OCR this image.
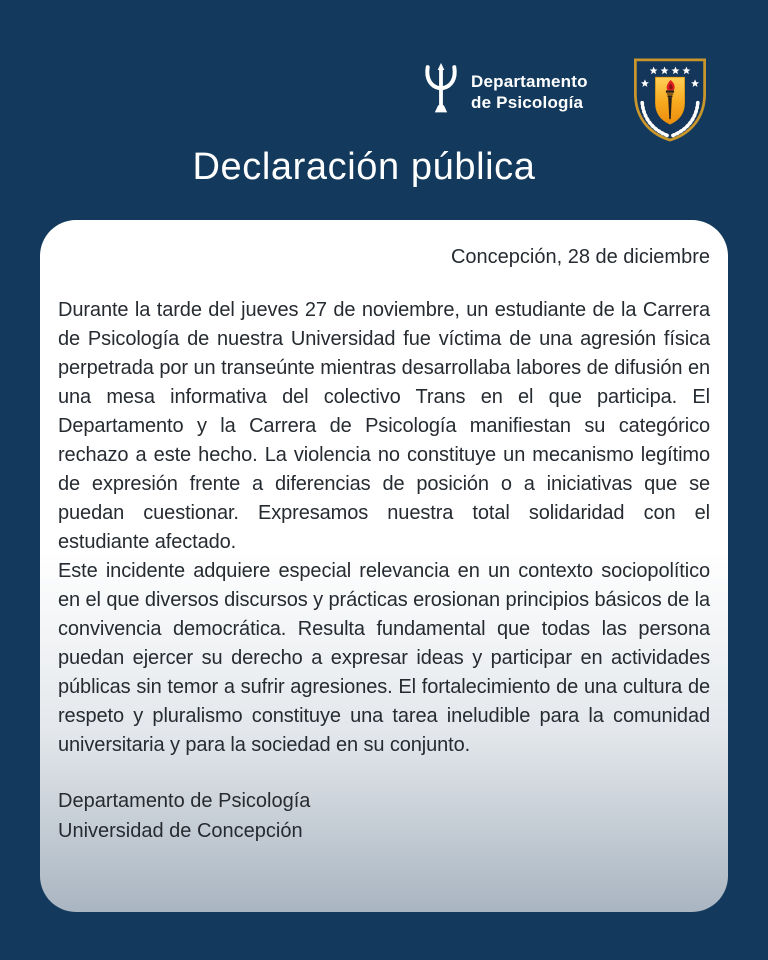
Departamento
de Psicología
Declaración pública

Concepción, 28 de diciembre

Durante la tarde del jueves 27 de noviembre, un estudiante de la Carrera de Psicología de nuestra Universidad fue víctima de una agresión física perpetrada por un transeúnte mientras desarrollaba labores de difusión en una mesa informativa del colectivo Trans en el que participa. El Departamento y la Carrera de Psicología manifiestan su categórico rechazo a este hecho. La violencia no constituye un mecanismo legítimo de expresión frente a diferencias de posición o a iniciativas que se puedan cuestionar. Expresamos nuestra total solidaridad con el estudiante afectado.

Este incidente adquiere especial relevancia en un contexto sociopolítico en el que diversos discursos y prácticas erosionan principios básicos de la convivencia democrática. Resulta fundamental que todas las persona puedan ejercer su derecho a expresar ideas y participar en actividades públicas sin temor a sufrir agresiones. El fortalecimiento de una cultura de respeto y pluralismo constituye una tarea ineludible para la comunidad universitaria y para la sociedad en su conjunto.

Departamento de Psicología
Universidad de Concepción
